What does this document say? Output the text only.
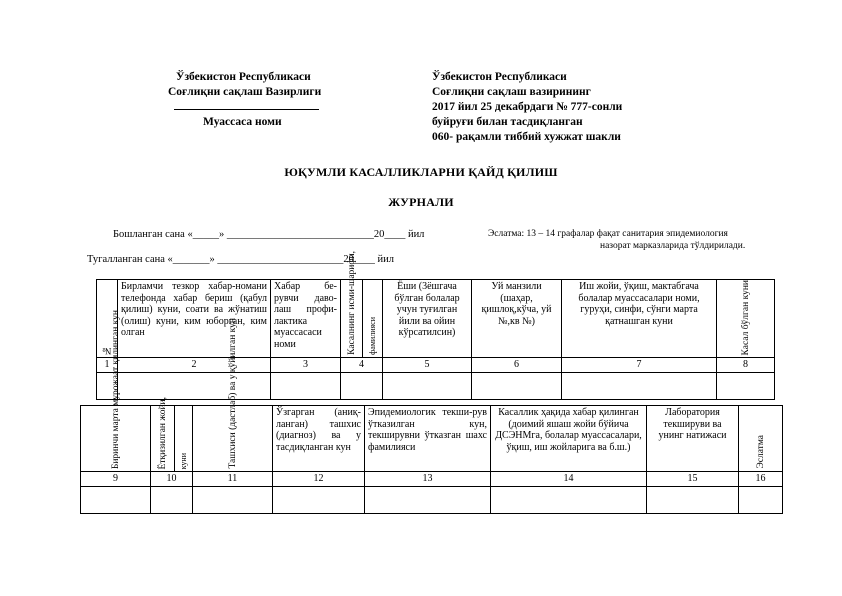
Ўзбекистон Республикаси
Соғлиқни сақлаш Вазирлиги
Муассаса номи
Ўзбекистон Республикаси
Соғлиқни сақлаш вазирининг
2017 йил 25 декабрдаги № 777-сонли
буйруғи билан тасдиқланган
060- рақамли тиббий хужжат шакли
ЮҚУМЛИ КАСАЛЛИКЛАРНИ ҚАЙД ҚИЛИШ
ЖУРНАЛИ
Бошланган сана «_____» ____________________________20____ йил	Эслатма: 13 – 14 графалар фақат санитария эпидемиология
назорат марказларида тўлдирилади.
Тугалланган сана «_______» ________________________20____ йил
№	Бирламчи тезкор хабар-номани телефонда хабар бериш (қабул қилиш) куни, соати ва жўнатиш (олиш) куни, ким юборган, ким олган	Хабар бе-рувчи даво-лаш профи-лактика муассасаси номи	Касалнинг исми-шарифи,	фамилияси	Ёши (3ёшгача бўлган болалар учун туғилган йили ва ойин кўрсатилсин)	Уй манзили (шаҳар, қишлоқ,кўча, уй №,кв №)	Иш жойи, ўқиш, мактабгача болалар муассасалари номи, гуруҳи, синфи, сўнги марта қатнашган куни	Касал бўлган куни

1	2	3	4		5	6	7	8

Биринчи марта мурожаат қилинган кун	Ётқизилган жойи,	куни	Ташхиси (дастлаб) ва у қўйилган кун	Ўзгарган (аниқ-ланган) ташхис (диагноз) ва у тасдиқланган кун	Эпидемиологик текши-рув ўтказилган кун, текширувни ўтказган шахс фамилияси	Касаллик ҳақида хабар қилинган (доимий яшаш жойи бўйича ДСЭНМга, болалар муассасалари, ўқиш, иш жойларига ва б.ш.)	Лаборатория текшируви ва унинг натижаси	Эслатма

9	10		11	12	13	14	15	16
